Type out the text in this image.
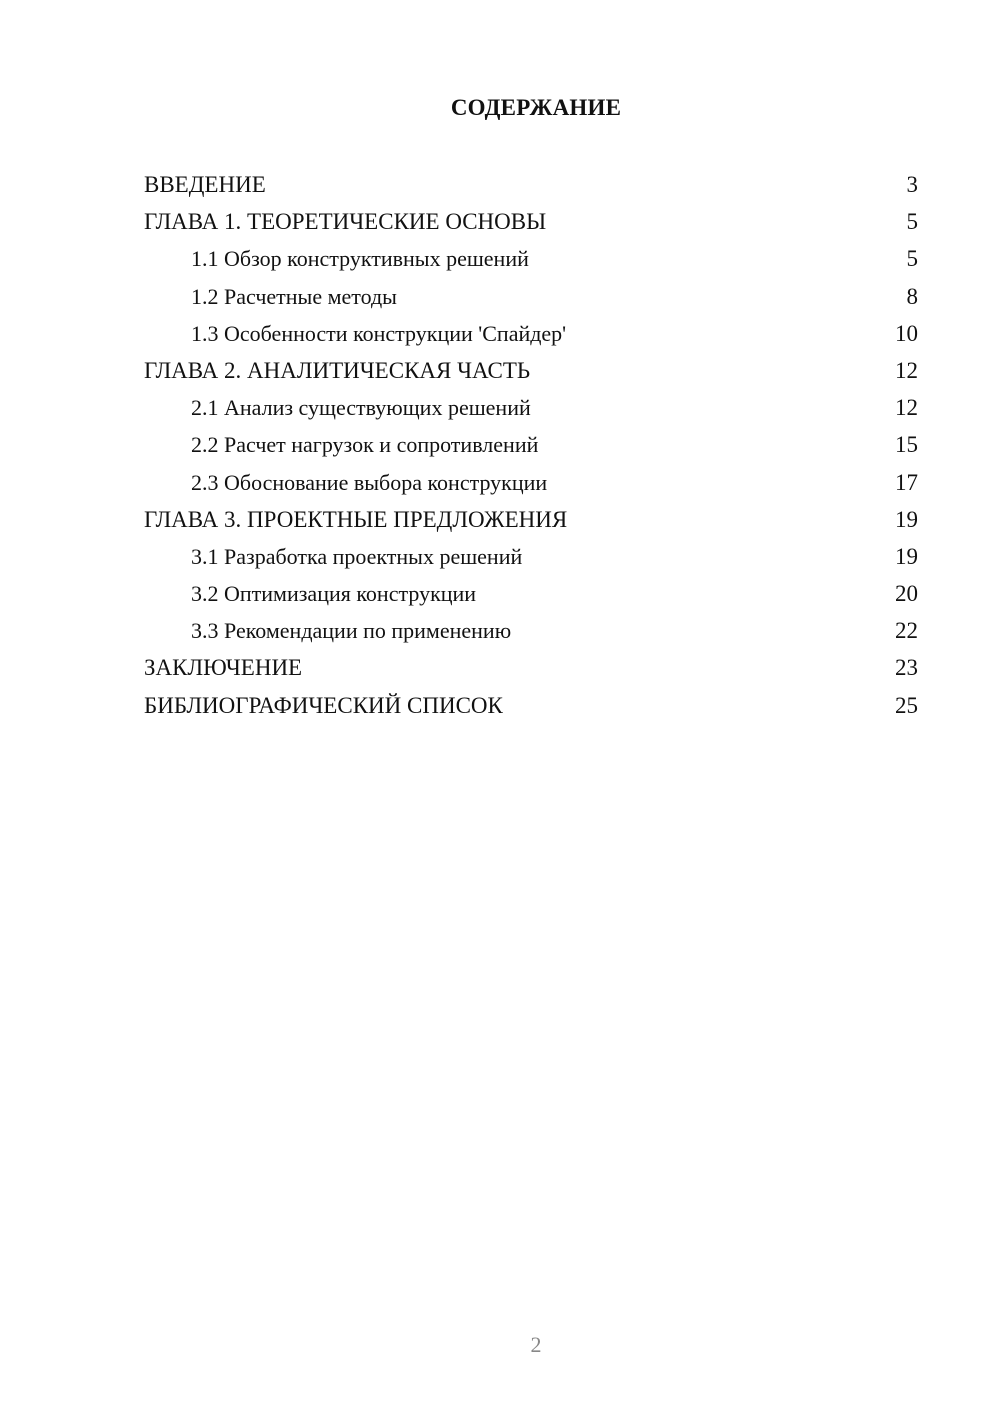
СОДЕРЖАНИЕ
ВВЕДЕНИЕ	3
ГЛАВА 1. ТЕОРЕТИЧЕСКИЕ ОСНОВЫ	5
1.1 Обзор конструктивных решений	5
1.2 Расчетные методы	8
1.3 Особенности конструкции 'Спайдер'	10
ГЛАВА 2. АНАЛИТИЧЕСКАЯ ЧАСТЬ	12
2.1 Анализ существующих решений	12
2.2 Расчет нагрузок и сопротивлений	15
2.3 Обоснование выбора конструкции	17
ГЛАВА 3. ПРОЕКТНЫЕ ПРЕДЛОЖЕНИЯ	19
3.1 Разработка проектных решений	19
3.2 Оптимизация конструкции	20
3.3 Рекомендации по применению	22
ЗАКЛЮЧЕНИЕ	23
БИБЛИОГРАФИЧЕСКИЙ СПИСОК	25
2
